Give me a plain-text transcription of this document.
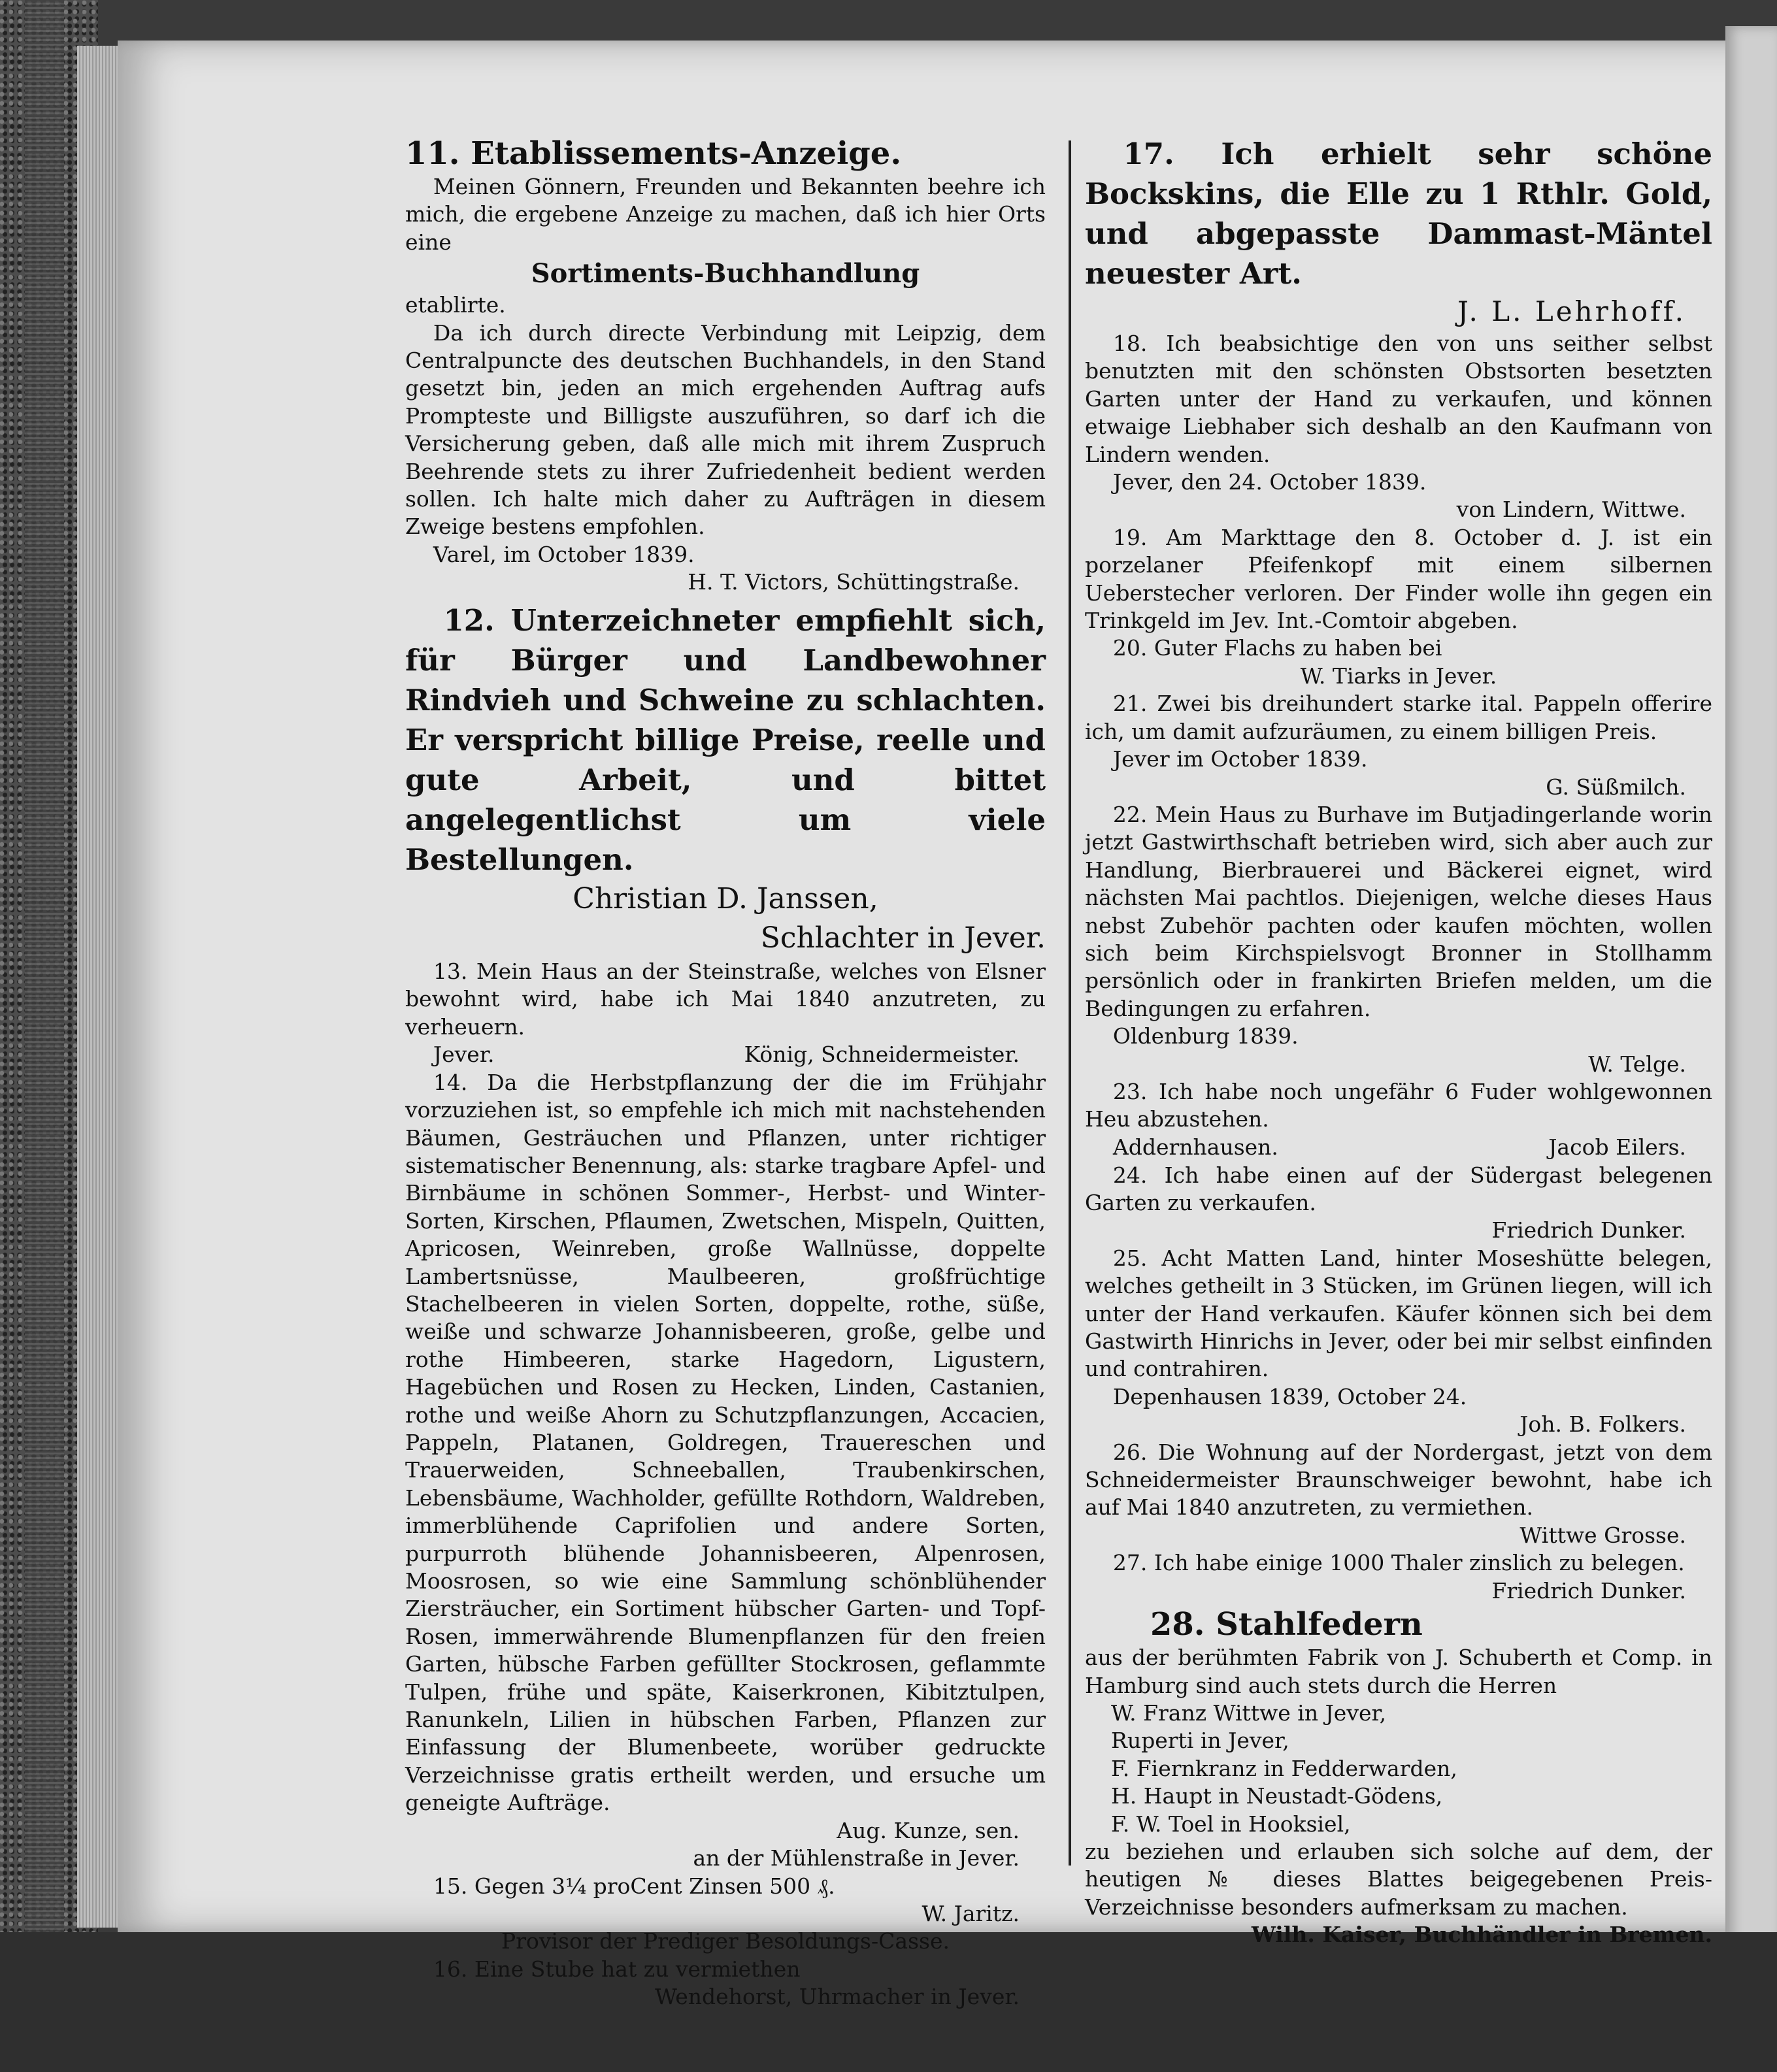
11. Etablissements-Anzeige.

Meinen Gönnern, Freunden und Bekannten beehre ich mich, die ergebene Anzeige zu machen, daß ich hier Orts eine

Sortiments-Buchhandlung

etablirte.

Da ich durch directe Verbindung mit Leipzig, dem Centralpuncte des deutschen Buchhandels, in den Stand gesetzt bin, jeden an mich ergehenden Auftrag aufs Prompteste und Billigste auszuführen, so darf ich die Versicherung geben, daß alle mich mit ihrem Zuspruch Beehrende stets zu ihrer Zufriedenheit bedient werden sollen. Ich halte mich daher zu Aufträgen in diesem Zweige bestens empfohlen.

Varel, im October 1839.

H. T. Victors, Schüttingstraße.

12. Unterzeichneter empfiehlt sich, für Bürger und Landbewohner Rindvieh und Schweine zu schlachten. Er verspricht billige Preise, reelle und gute Arbeit, und bittet angelegentlichst um viele Bestellungen.

Christian D. Janssen,

Schlachter in Jever.

13. Mein Haus an der Steinstraße, welches von Elsner bewohnt wird, habe ich Mai 1840 anzutreten, zu verheuern.

Jever.	König, Schneidermeister.

14. Da die Herbstpflanzung der die im Frühjahr vorzuziehen ist, so empfehle ich mich mit nachstehenden Bäumen, Gesträuchen und Pflanzen, unter richtiger sistematischer Benennung, als: starke tragbare Apfel- und Birnbäume in schönen Sommer-, Herbst- und Winter-Sorten, Kirschen, Pflaumen, Zwetschen, Mispeln, Quitten, Apricosen, Weinreben, große Wallnüsse, doppelte Lambertsnüsse, Maulbeeren, großfrüchtige Stachelbeeren in vielen Sorten, doppelte, rothe, süße, weiße und schwarze Johannisbeeren, große, gelbe und rothe Himbeeren, starke Hagedorn, Ligustern, Hagebüchen und Rosen zu Hecken, Linden, Castanien, rothe und weiße Ahorn zu Schutzpflanzungen, Accacien, Pappeln, Platanen, Goldregen, Trauereschen und Trauerweiden, Schneeballen, Traubenkirschen, Lebensbäume, Wachholder, gefüllte Rothdorn, Waldreben, immerblühende Caprifolien und andere Sorten, purpurroth blühende Johannisbeeren, Alpenrosen, Moosrosen, so wie eine Sammlung schönblühender Ziersträucher, ein Sortiment hübscher Garten- und Topf-Rosen, immerwährende Blumenpflanzen für den freien Garten, hübsche Farben gefüllter Stockrosen, geflammte Tulpen, frühe und späte, Kaiserkronen, Kibitztulpen, Ranunkeln, Lilien in hübschen Farben, Pflanzen zur Einfassung der Blumenbeete, worüber gedruckte Verzeichnisse gratis ertheilt werden, und ersuche um geneigte Aufträge.

Aug. Kunze, sen.

an der Mühlenstraße in Jever.

15. Gegen 3¼ proCent Zinsen 500 ₰.

W. Jaritz.

Provisor der Prediger Besoldungs-Casse.

16. Eine Stube hat zu vermiethen

Wendehorst, Uhrmacher in Jever.

17. Ich erhielt sehr schöne Bockskins, die Elle zu 1 Rthlr. Gold, und abgepasste Dammast-Mäntel neuester Art.

J. L. Lehrhoff.

18. Ich beabsichtige den von uns seither selbst benutzten mit den schönsten Obstsorten besetzten Garten unter der Hand zu verkaufen, und können etwaige Liebhaber sich deshalb an den Kaufmann von Lindern wenden.

Jever, den 24. October 1839.

von Lindern, Wittwe.

19. Am Markttage den 8. October d. J. ist ein porzelaner Pfeifenkopf mit einem silbernen Ueberstecher verloren. Der Finder wolle ihn gegen ein Trinkgeld im Jev. Int.-Comtoir abgeben.

20. Guter Flachs zu haben bei

W. Tiarks in Jever.

21. Zwei bis dreihundert starke ital. Pappeln offerire ich, um damit aufzuräumen, zu einem billigen Preis.

Jever im October 1839.

G. Süßmilch.

22. Mein Haus zu Burhave im Butjadingerlande worin jetzt Gastwirthschaft betrieben wird, sich aber auch zur Handlung, Bierbrauerei und Bäckerei eignet, wird nächsten Mai pachtlos. Diejenigen, welche dieses Haus nebst Zubehör pachten oder kaufen möchten, wollen sich beim Kirchspielsvogt Bronner in Stollhamm persönlich oder in frankirten Briefen melden, um die Bedingungen zu erfahren.

Oldenburg 1839.

W. Telge.

23. Ich habe noch ungefähr 6 Fuder wohlgewonnen Heu abzustehen.

Addernhausen.	Jacob Eilers.

24. Ich habe einen auf der Südergast belegenen Garten zu verkaufen.

Friedrich Dunker.

25. Acht Matten Land, hinter Moseshütte belegen, welches getheilt in 3 Stücken, im Grünen liegen, will ich unter der Hand verkaufen. Käufer können sich bei dem Gastwirth Hinrichs in Jever, oder bei mir selbst einfinden und contrahiren.

Depenhausen 1839, October 24.

Joh. B. Folkers.

26. Die Wohnung auf der Nordergast, jetzt von dem Schneidermeister Braunschweiger bewohnt, habe ich auf Mai 1840 anzutreten, zu vermiethen.

Wittwe Grosse.

27. Ich habe einige 1000 Thaler zinslich zu belegen.

Friedrich Dunker.

28. Stahlfedern

aus der berühmten Fabrik von J. Schuberth et Comp. in Hamburg sind auch stets durch die Herren

W. Franz Wittwe in Jever,

Ruperti in Jever,

F. Fiernkranz in Fedderwarden,

H. Haupt in Neustadt-Gödens,

F. W. Toel in Hooksiel,

zu beziehen und erlauben sich solche auf dem, der heutigen № dieses Blattes beigegebenen Preis-Verzeichnisse besonders aufmerksam zu machen.

Wilh. Kaiser, Buchhändler in Bremen.
